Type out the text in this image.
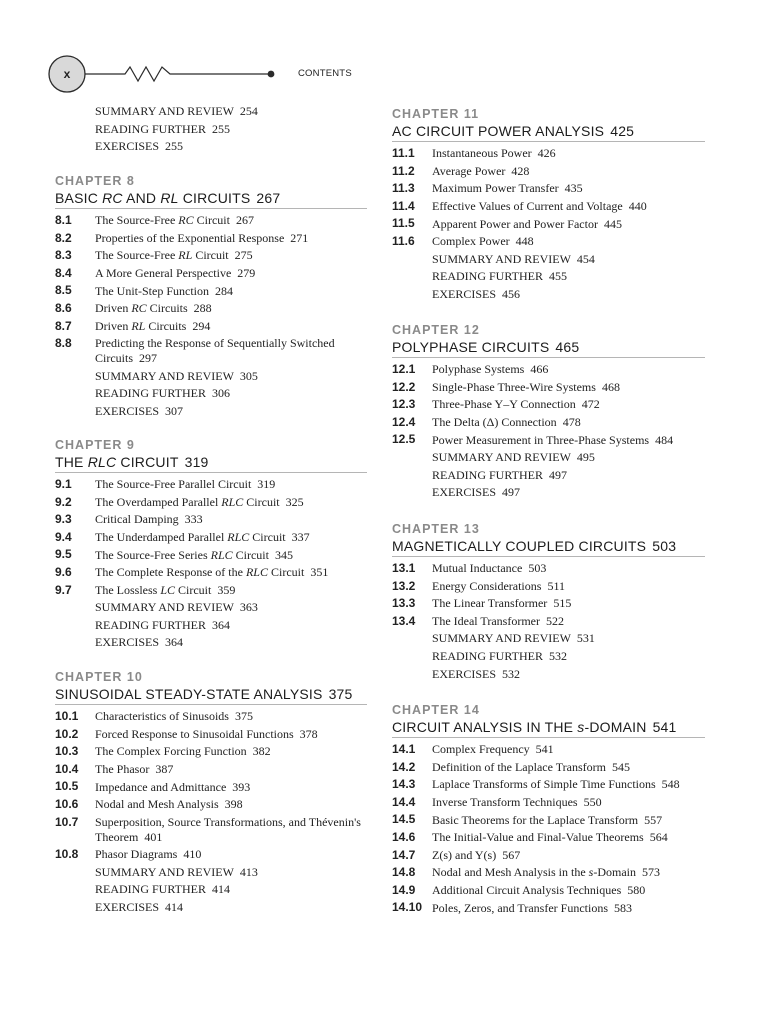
x	CONTENTS
SUMMARY AND REVIEW 254
READING FURTHER 255
EXERCISES 255
CHAPTER 8
BASIC RC AND RL CIRCUITS 267
8.1 The Source-Free RC Circuit 267
8.2 Properties of the Exponential Response 271
8.3 The Source-Free RL Circuit 275
8.4 A More General Perspective 279
8.5 The Unit-Step Function 284
8.6 Driven RC Circuits 288
8.7 Driven RL Circuits 294
8.8 Predicting the Response of Sequentially Switched Circuits 297
SUMMARY AND REVIEW 305
READING FURTHER 306
EXERCISES 307
CHAPTER 9
THE RLC CIRCUIT 319
9.1 The Source-Free Parallel Circuit 319
9.2 The Overdamped Parallel RLC Circuit 325
9.3 Critical Damping 333
9.4 The Underdamped Parallel RLC Circuit 337
9.5 The Source-Free Series RLC Circuit 345
9.6 The Complete Response of the RLC Circuit 351
9.7 The Lossless LC Circuit 359
SUMMARY AND REVIEW 363
READING FURTHER 364
EXERCISES 364
CHAPTER 10
SINUSOIDAL STEADY-STATE ANALYSIS 375
10.1 Characteristics of Sinusoids 375
10.2 Forced Response to Sinusoidal Functions 378
10.3 The Complex Forcing Function 382
10.4 The Phasor 387
10.5 Impedance and Admittance 393
10.6 Nodal and Mesh Analysis 398
10.7 Superposition, Source Transformations, and Thévenin's Theorem 401
10.8 Phasor Diagrams 410
SUMMARY AND REVIEW 413
READING FURTHER 414
EXERCISES 414
CHAPTER 11
AC CIRCUIT POWER ANALYSIS 425
11.1 Instantaneous Power 426
11.2 Average Power 428
11.3 Maximum Power Transfer 435
11.4 Effective Values of Current and Voltage 440
11.5 Apparent Power and Power Factor 445
11.6 Complex Power 448
SUMMARY AND REVIEW 454
READING FURTHER 455
EXERCISES 456
CHAPTER 12
POLYPHASE CIRCUITS 465
12.1 Polyphase Systems 466
12.2 Single-Phase Three-Wire Systems 468
12.3 Three-Phase Y–Y Connection 472
12.4 The Delta (Δ) Connection 478
12.5 Power Measurement in Three-Phase Systems 484
SUMMARY AND REVIEW 495
READING FURTHER 497
EXERCISES 497
CHAPTER 13
MAGNETICALLY COUPLED CIRCUITS 503
13.1 Mutual Inductance 503
13.2 Energy Considerations 511
13.3 The Linear Transformer 515
13.4 The Ideal Transformer 522
SUMMARY AND REVIEW 531
READING FURTHER 532
EXERCISES 532
CHAPTER 14
CIRCUIT ANALYSIS IN THE s-DOMAIN 541
14.1 Complex Frequency 541
14.2 Definition of the Laplace Transform 545
14.3 Laplace Transforms of Simple Time Functions 548
14.4 Inverse Transform Techniques 550
14.5 Basic Theorems for the Laplace Transform 557
14.6 The Initial-Value and Final-Value Theorems 564
14.7 Z(s) and Y(s) 567
14.8 Nodal and Mesh Analysis in the s-Domain 573
14.9 Additional Circuit Analysis Techniques 580
14.10 Poles, Zeros, and Transfer Functions 583
